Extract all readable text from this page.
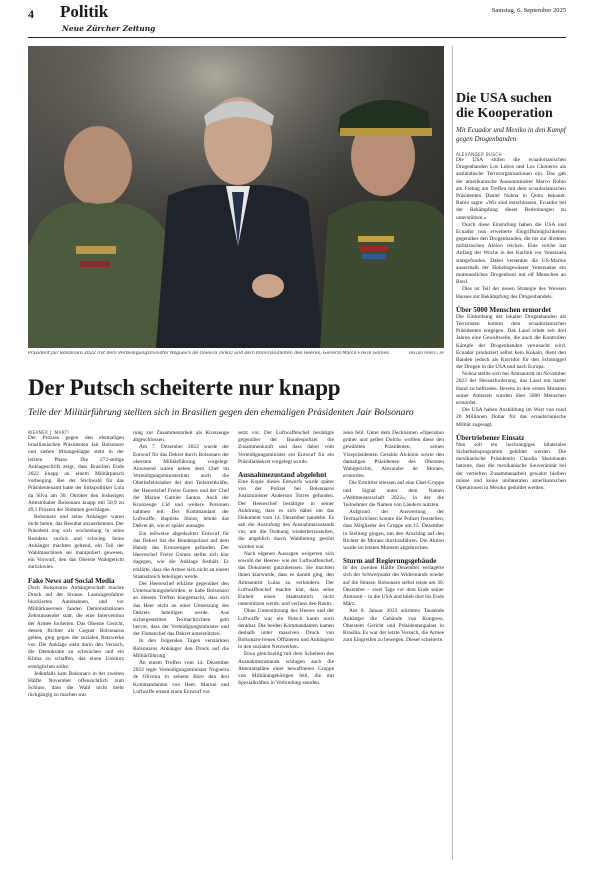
4 Politik
Neue Zürcher Zeitung
Samstag, 6. September 2025
Präsident Jair Bolsonaro 2022 mit dem Verteidigungsminister Nogueira de Oliveira (links) und dem Kommandanten des Heeres, General Marco Freire Gomes.	ERALDO PERES / AP
Der Putsch scheiterte nur knapp
Teile der Militärführung stellten sich in Brasilien gegen den ehemaligen Präsidenten Jair Bolsonaro

WERNER J. MARTI

Der Prozess gegen den ehemaligen brasilianischen Präsidenten Jair Bolsonaro und sieben Mitangeklagte steht in der letzten Phase. Die 272-seitige Anklageschrift zeigt, dass Brasilien Ende 2022 knapp an einem Militärputsch vorbeiging. Bei der Stichwahl für das Präsidentenamt hatte der linkspolitiker Lula da Silva am 30. Oktober den bisherigen Amtsinhaber Bolsonaro knapp mit 50,9 zu 49,1 Prozent der Stimmen geschlagen.

Bolsonaro und seine Anhänger waren nicht bereit, das Resultat anzuerkennen. Der Präsident zog sich wochenlang in seine Residenz zurück und schwieg. Seine Anhänger machten geltend, ein Teil der Wahlmaschinen sei manipuliert gewesen, ein Vorwurf, den das Oberste Wahlgericht zurückwies.

Fake News auf Social Media

Doch Bolsonaros Anhängerschaft machte Druck auf der Strasse. Lastwagenfahrer blockierten Autobahnen, und vor Militärkasernen fanden Demonstrationen Zehntausender statt, die eine Intervention der Armee forderten. Das Oberste Gericht, dessen Richter als Gegner Bolsonaros gelten, ging gegen die sozialen Netzwerke vor. Die Anklage sieht darin den Versuch, die Demokratie zu schwächen und ein Klima zu schaffen, das einen Umsturz ermöglichen sollte.

Jedenfalls kam Bolsonaro in der zweiten Hälfte November offensichtlich zum Schluss, dass die Wahl nicht mehr rückgängig zu machen war.

rung zur Zusammenarbeit als Kronzeuge abgeschlossen.

Am 7. Dezember 2022 wurde der Entwurf für das Dekret durch Bolsonaro der obersten Militärführung vorgelegt. Anwesend waren neben dem Chef im Verteidigungsministerium auch die Oberbefehlshaber der drei Teilstreitkräfte, der Heereschef Freire Gomes und der Chef der Marine Garnier Santos. Auch der Kronzeuge Cid und weitere Personen nahmen teil. Der Kommandant der Luftwaffe, Baptista Júnior, lehnte das Dekret ab, wie er später aussagte.

Ein teilweise abgedeckter Entwurf für das Dekret hat die Bundespolizei auf dem Handy des Kronzeugen gefunden. Der Heereschef Freire Gomes stellte sich klar dagegen, wie die Anklage festhält. Er erklärte, dass die Armee sich nicht an einem Staatsstreich beteiligen werde.

Der Heereschef erklärte gegenüber den Untersuchungsbehörden, er habe Bolsonaro an diesem Treffen klargemacht, dass sich das Heer nicht an einer Umsetzung des Dekrets beteiligen werde. Aus sichergestellten Textnachrichten geht hervor, dass der Verteidigungsminister und der Flottenchef das Dekret unterstützten.

In den folgenden Tagen verstärkten Bolsonaros Anhänger den Druck auf die Militärführung.

An einem Treffen vom 14. Dezember 2022 legte Verteidigungsminister Nogueira de Oliveira in seinem Büro den drei Kommandanten von Heer, Marine und Luftwaffe erneut einen Entwurf vor.

setzt vor. Der Luftwaffenchef bestätigte gegenüber der Bundespolizei die Zusammenkunft und dass dabei vom Verteidigungsminister ein Entwurf für ein Präsidialdekret vorgelegt wurde.

Ausnahmezustand abgelehnt

Eine Kopie dieses Entwurfs wurde später von der Polizei bei Bolsonaros Justizminister Anderson Torres gefunden. Der Heereschef bestätigte in seiner Anhörung, dass es sich dabei um das Dokument vom 14. Dezember handelte. Es sah die Ausrufung des Ausnahmezustands vor, um die Ordnung wiederherzustellen, die angeblich durch Wahlbetrug gestört worden war.

Nach eigenen Aussagen weigerten sich sowohl der Heeres- wie der Luftwaffenchef, das Dokument gutzuheissen. Sie machten ihnen klarwurde, dass es darum ging, den Amtsantritt Lulas zu verhindern. Der Luftwaffenchef machte klar, dass seine Einheit einen Staatsstreich nicht unterstützen werde, und verliess den Raum.

Ohne Unterstützung des Heeres und der Luftwaffe war ein Putsch kaum noch denkbar. Die beiden Kommandanten kamen deshalb unter massiven Druck von Bolsonaro-treuen Offizieren und Anhängern in den sozialen Netzwerken.

Etwa gleichzeitig mit dem Scheitern des Ausnahmezustands schlugen auch die Attentatspläne einer bewaffneten Gruppe von Militärangehörigen fehl, die mit Spezialkräften in Verbindung standen.

zeno fehl. Unter dem Decknamen «Operation grüner und gelber Dolch» wollten diese den gewählten Präsidenten, seinen Vizepräsidenten Geraldo Alckmin sowie den damaligen Präsidenten des Obersten Wahlgerichts, Alexandre de Moraes, ermorden.

Die Ermittler stiessen auf eine Chat-Gruppe und Signal unter dem Namen «Weltmeisterschaft 2022», in der die Teilnehmer die Namen von Ländern nutzten.

Aufgrund der Auswertung der Textnachrichten konnte die Polizei feststellen, dass Mitglieder der Gruppe am 15. Dezember in Stellung gingen, um den Anschlag auf den Richter de Moraes durchzuführen. Die Aktion wurde im letzten Moment abgebrochen.

Sturm auf Regierungsgebäude

In der zweiten Hälfte Dezember verlagerte sich der Schwerpunkt des Widerstands wieder auf die Strasse. Bolsonaro selbst reiste am 30. Dezember – zwei Tage vor dem Ende seiner Amtszeit – in die USA und blieb dort bis Ende März.

Am 8. Januar 2023 stürmten Tausende Anhänger die Gebäude von Kongress, Oberstem Gericht und Präsidentenpalast in Brasília. Es war der letzte Versuch, die Armee zum Eingreifen zu bewegen. Dieser scheiterte.

Die USA suchen die Kooperation
Mit Ecuador und Mexiko in den Kampf gegen Drogenbanden

ALEXANDER BUSCH

Die USA stufen die ecuadorianischen Drogenbanden Los Lobos und Los Choneros als ausländische Terrororganisationen ein. Das gab der amerikanische Aussenminister Marco Rubio am Freitag am Treffen mit dem ecuadorianischen Präsidenten Daniel Noboa in Quito bekannt. Rubio sagte: «Wir sind entschlossen, Ecuador bei der Bekämpfung dieser Bedrohungen zu unterstützen.»

Durch diese Einstufung haben die USA und Ecuador nun erweiterte Eingriffsmöglichkeiten gegenüber den Drogenbanden, die bis zur direkten militärischen Aktion reichen. Eine solche hat Anfang der Woche in der Karibik vor Venezuela stattgefunden. Dabei versenkte die US-Marine ausserhalb der Hoheitsgewässer Venezuelas ein mutmassliches Drogenboot mit elf Menschen an Bord.

Dies ist Teil der neuen Strategie des Weissen Hauses zur Bekämpfung des Drogenhandels.

Über 5000 Menschen ermordet

Die Eintreibung der lokalen Drogenbanden als Terroristen kommt dem ecuadorianischen Präsidenten entgegen. Das Land erlebt seit drei Jahren eine Gewaltwelle, die auch die Kontrollen Kämpfe der Drogenbanden verursacht wird. Ecuador produziert selbst kein Kokain, dient den Banden jedoch als Korridor für den Schmuggel der Drogen in die USA und nach Europa.

Noboa stellte sich bei Amtsantritt im November 2023 der Herausforderung, das Land mit harter Hand zu befrieden. Bereits in den ersten Monaten seiner Amtszeit wurden über 5000 Menschen ermordet.

Die USA haben Ausbildung im Wert von rund 20 Millionen Dollar für das ecuadorianische Militär zugesagt.

Übertriebener Einsatz

Nun soll ein hochrangiges bilaterales Sicherheitsprogramm gebildet werden. Die mexikanische Präsidentin Claudia Sheinbaum betonte, dass die mexikanische Souveränität bei der vertieften Zusammenarbeit gewahrt bleiben müsse und keine unilateralen amerikanischen Operationen in Mexiko geduldet werden.
